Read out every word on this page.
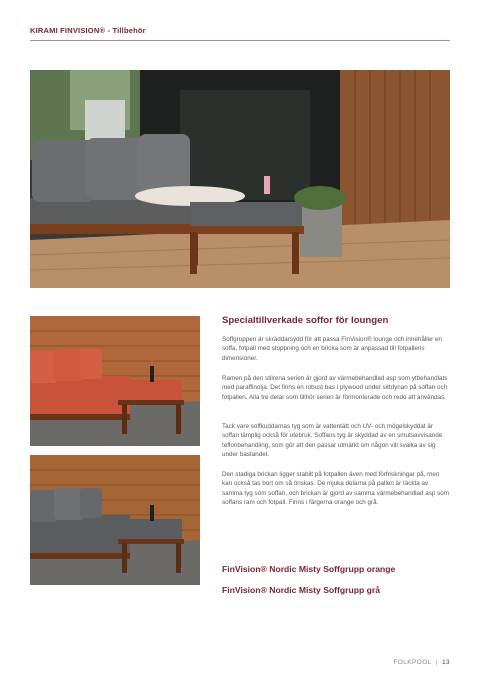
KIRAMI FINVISION® - Tillbehör
Specialtillverkade soffor för loungen

Soffgruppen är skräddarsydd för att passa FinVision® lounge och innehåller en soffa, fotpall med stoppning och en bricka som är anpassad till fotpallens dimensioner.

Ramen på den stilrena serien är gjord av värmebehandlad asp som ytbehandlats med paraffinolja. Det finns en robust bas i plywood under sittdynan på soffan och fotpallen. Alla tre delar som tillhör serien är förmonterade och redo att användas.

Tack vare soffkuddarnas tyg som är vattentätt och UV- och mögelskyddat är soffan lämplig också för utebruk. Soffans tyg är skyddad av en smutsavvisande teflonbehandling, som gör att den passar utmärkt om någon vill svalka av sig under bastandet.

Den stadiga brickan ligger stabilt på fotpallen även med förfriskningar på, men kan också tas bort om så önskas. De mjuka delarna på pallen är täckta av samma tyg som soffan, och brickan är gjord av samma värmebehandlad asp som soffans ram och fotpall. Finns i färgerna orange och grå.

FinVision® Nordic Misty Soffgrupp orange
FinVision® Nordic Misty Soffgrupp grå
FOLKPOOL | 13
